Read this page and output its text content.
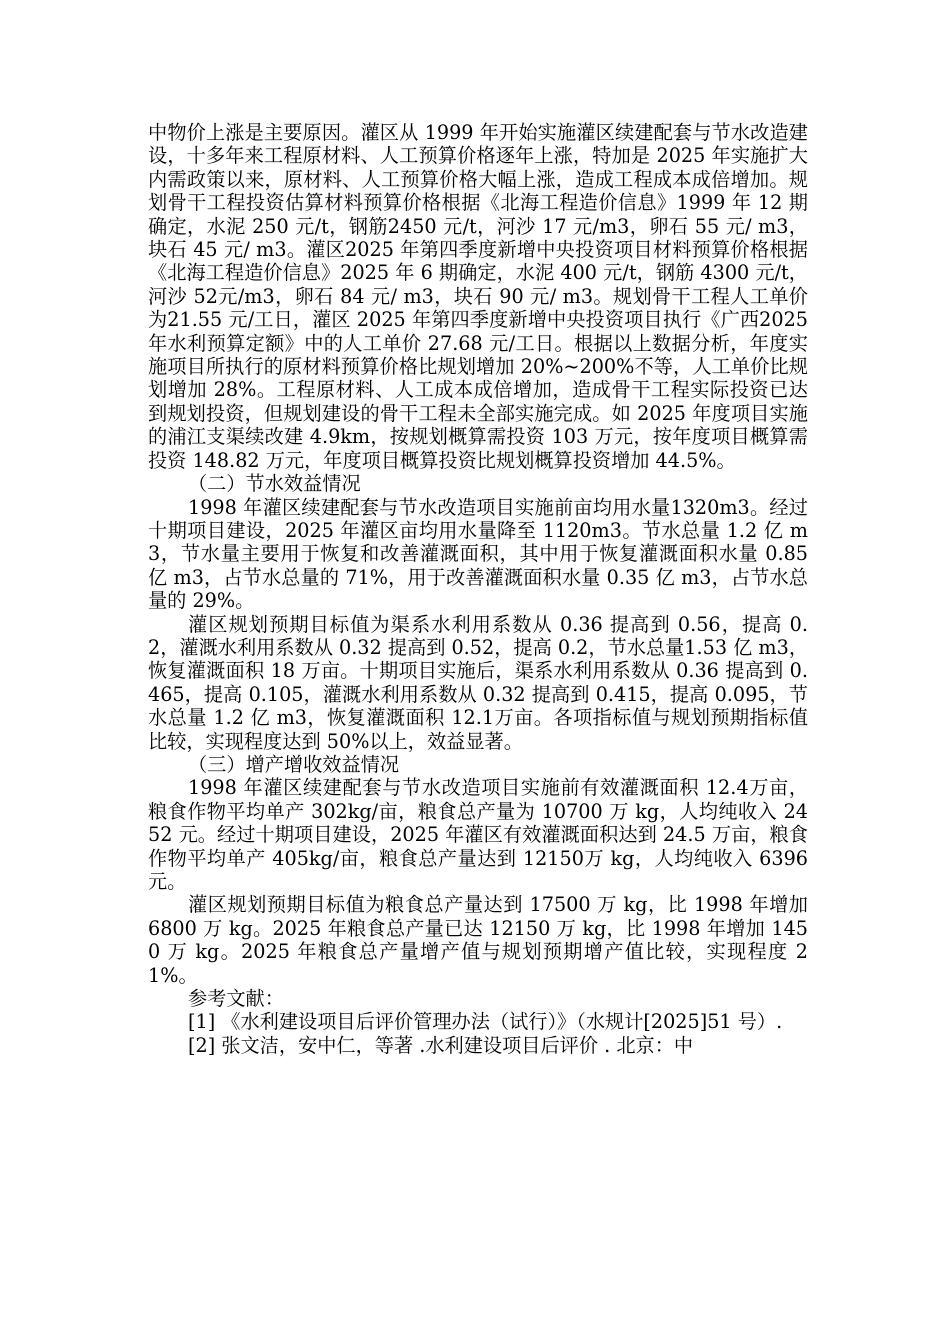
中物价上涨是主要原因。灌区从 1999 年开始实施灌区续建配套与节水改造建设，十多年来工程原材料、人工预算价格逐年上涨，特加是 2025 年实施扩大内需政策以来，原材料、人工预算价格大幅上涨，造成工程成本成倍增加。规划骨干工程投资估算材料预算价格根据《北海工程造价信息》1999 年 12 期确定，水泥 250 元/t，钢筋2450 元/t，河沙 17 元/m3，卵石 55 元/ m3，块石 45 元/ m3。灌区2025 年第四季度新增中央投资项目材料预算价格根据《北海工程造价信息》2025 年 6 期确定，水泥 400 元/t，钢筋 4300 元/t，河沙 52元/m3，卵石 84 元/ m3，块石 90 元/ m3。规划骨干工程人工单价为21.55 元/工日，灌区 2025 年第四季度新增中央投资项目执行《广西2025 年水利预算定额》中的人工单价 27.68 元/工日。根据以上数据分析，年度实施项目所执行的原材料预算价格比规划增加 20%~200%不等，人工单价比规划增加 28%。工程原材料、人工成本成倍增加，造成骨干工程实际投资已达到规划投资，但规划建设的骨干工程未全部实施完成。如 2025 年度项目实施的浦江支渠续改建 4.9km，按规划概算需投资 103 万元，按年度项目概算需投资 148.82 万元，年度项目概算投资比规划概算投资增加 44.5%。

（二）节水效益情况

1998 年灌区续建配套与节水改造项目实施前亩均用水量1320m3。经过十期项目建设，2025 年灌区亩均用水量降至 1120m3。节水总量 1.2 亿 m3，节水量主要用于恢复和改善灌溉面积，其中用于恢复灌溉面积水量 0.85 亿 m3，占节水总量的 71%，用于改善灌溉面积水量 0.35 亿 m3，占节水总量的 29%。

灌区规划预期目标值为渠系水利用系数从 0.36 提高到 0.56，提高 0.2，灌溉水利用系数从 0.32 提高到 0.52，提高 0.2，节水总量1.53 亿 m3，恢复灌溉面积 18 万亩。十期项目实施后，渠系水利用系数从 0.36 提高到 0.465，提高 0.105，灌溉水利用系数从 0.32 提高到 0.415，提高 0.095，节水总量 1.2 亿 m3，恢复灌溉面积 12.1万亩。各项指标值与规划预期指标值比较，实现程度达到 50%以上，效益显著。

（三）增产增收效益情况

1998 年灌区续建配套与节水改造项目实施前有效灌溉面积 12.4万亩，粮食作物平均单产 302kg/亩，粮食总产量为 10700 万 kg，人均纯收入 2452 元。经过十期项目建设，2025 年灌区有效灌溉面积达到 24.5 万亩，粮食作物平均单产 405kg/亩，粮食总产量达到 12150万 kg，人均纯收入 6396 元。

灌区规划预期目标值为粮食总产量达到 17500 万 kg，比 1998 年增加 6800 万 kg。2025 年粮食总产量已达 12150 万 kg，比 1998 年增加 1450 万 kg。2025 年粮食总产量增产值与规划预期增产值比较，实现程度 21%。

参考文献：

[1] 《水利建设项目后评价管理办法（试行）》（水规计[2025]51 号）.

[2] 张文洁，安中仁，等著 .水利建设项目后评价 . 北京：中
